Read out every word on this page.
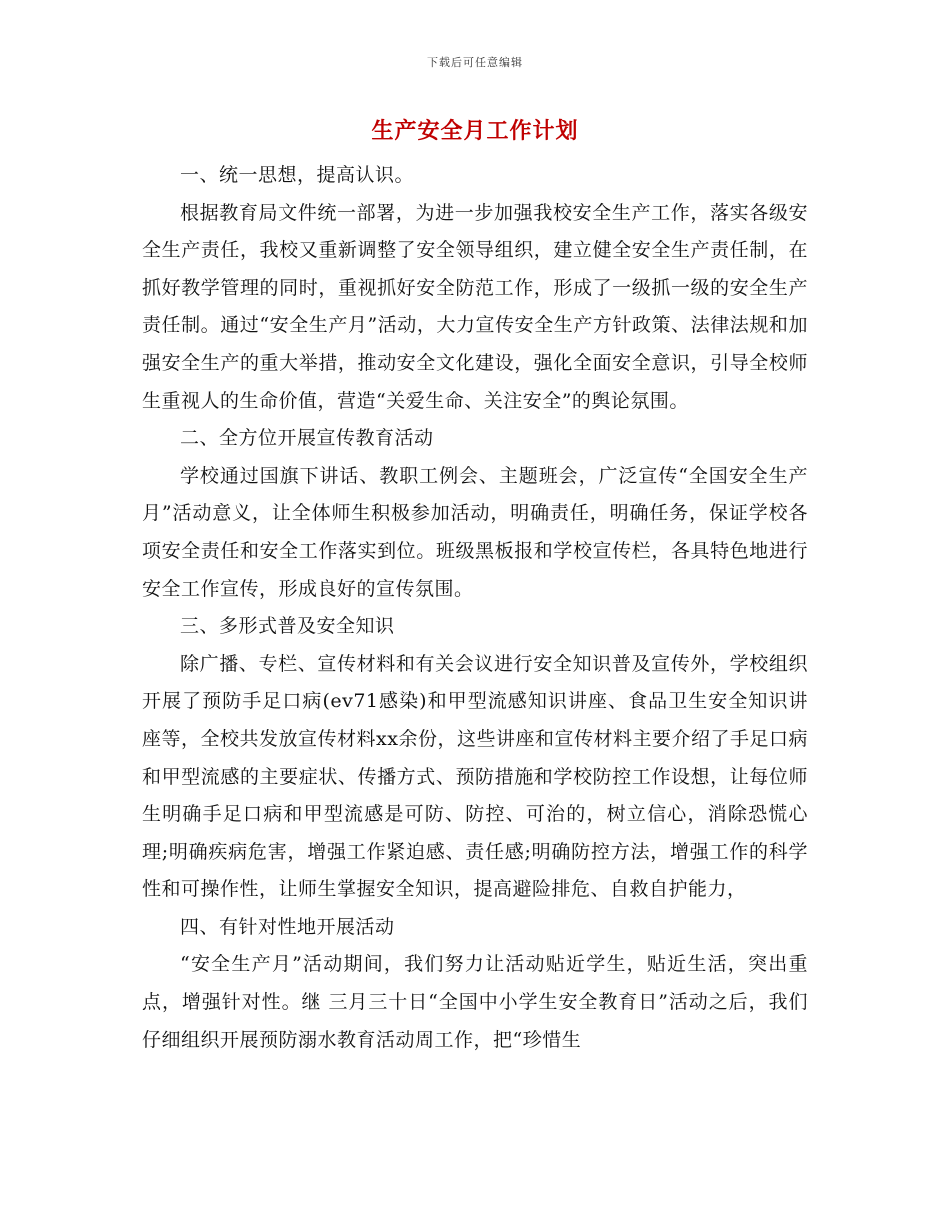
下载后可任意编辑
生产安全月工作计划

一、统一思想，提高认识。

根据教育局文件统一部署，为进一步加强我校安全生产工作，落实各级安全生产责任，我校又重新调整了安全领导组织，建立健全安全生产责任制，在抓好教学管理的同时，重视抓好安全防范工作，形成了一级抓一级的安全生产责任制。通过“安全生产月”活动，大力宣传安全生产方针政策、法律法规和加强安全生产的重大举措，推动安全文化建设，强化全面安全意识，引导全校师生重视人的生命价值，营造“关爱生命、关注安全”的舆论氛围。

二、全方位开展宣传教育活动

学校通过国旗下讲话、教职工例会、主题班会，广泛宣传“全国安全生产月”活动意义，让全体师生积极参加活动，明确责任，明确任务，保证学校各项安全责任和安全工作落实到位。班级黑板报和学校宣传栏，各具特色地进行安全工作宣传，形成良好的宣传氛围。

三、多形式普及安全知识

除广播、专栏、宣传材料和有关会议进行安全知识普及宣传外，学校组织开展了预防手足口病(ev71感染)和甲型流感知识讲座、食品卫生安全知识讲座等，全校共发放宣传材料xx余份，这些讲座和宣传材料主要介绍了手足口病和甲型流感的主要症状、传播方式、预防措施和学校防控工作设想，让每位师生明确手足口病和甲型流感是可防、防控、可治的，树立信心，消除恐慌心理;明确疾病危害，增强工作紧迫感、责任感;明确防控方法，增强工作的科学性和可操作性，让师生掌握安全知识，提高避险排危、自救自护能力，

四、有针对性地开展活动

“安全生产月”活动期间，我们努力让活动贴近学生，贴近生活，突出重点，增强针对性。继 三月三十日“全国中小学生安全教育日”活动之后，我们仔细组织开展预防溺水教育活动周工作，把“珍惜生
